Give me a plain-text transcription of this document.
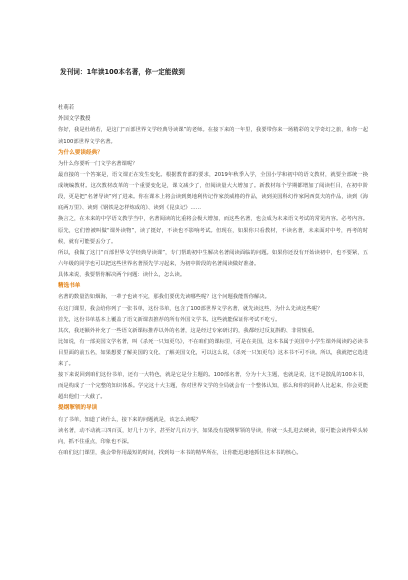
发刊词：1年读100本名著，你一定能做到

杜萌若

外国文学教授

你好，我是杜萌若，是这门“百部世界文学经典导读课”的老师。在接下来的一年里，我要带你来一场精彩的文学奇幻之旅，和你一起读100部世界文学名著。

为什么要读经典？

为什么你要听一门文学名著课呢？

最直接的一个答案是，语文课正在发生变化。根据教育部的要求，2019年秋季入学，全国小学和初中的语文教材，就要全部统一换成统编教材。这次教材改革的一个重要变化是，课文减少了，但阅读量大大增加了。新教材每个学期都增加了阅读栏目，在初中阶段，更是把“名著导读”列了进来。你在课本上将会读到奥地利传记作家茨威格的作品，读到美国科幻作家阿西莫夫的作品，读到《海底两万里》、读到《钢铁是怎样炼成的》、读到《昆虫记》……

换言之，在未来的中学语文教学当中，名著阅读的比重将会极大增加，而这些名著，也会成为未来语文考试的常见内容。必考内容。原先，它们曾被叫做“课外读物”，读了挺好，不读也不影响考试。但现在，如果你只看教材，不读名著，未来面对中考，再考的时候，就有可能要丢分了。

所以，我做了这门“百部世界文学经典导读课”，专门帮助初中生解决名著阅读面临的问题。如果你还没有开始读初中，也不要紧，五六年级的同学也可以把这些世界名著预先学习起来，为初中阶段的名著阅读做好准备。

具体来说，我要帮你解决两个问题：读什么，怎么读。

精选书单

名著的数量浩如烟海，一辈子也读不完，那我们要优先读哪些呢？这个问题我能帮你解决。

在这门课里，我会给你列了一张书单，这份书单，包含了100部世界文学名著，就先读这些，为什么先读这些呢？

首先，这份书单基本上覆盖了语文新课表推荐的所有外国文学书。这些就能保证你考试不吃亏。

其次，我还额外补充了一些语文新课标推荐以外的名著，这是经过专家研讨的，我都经过反复斟酌、非常慎重。

比如说，有一部美国文学名著，叫《杀死一只知更鸟》，不在咱们的课标里，可是在美国，这本书属于美国中小学生课外阅读的必读书目里面的前五名，如果想要了解美国的文化、了解美国文化，可以这么说，《杀死一只知更鸟》这本书不可不读。所以，我就把它选进来了。

接下来说回到咱们这份书单，还有一大特色，就是它是分主题的。100部名著，分为十大主题，也就是说，这不是散乱的100本书，而是构成了一个完整的知识体系。学完这十大主题，你对世界文学的全局就会有一个整体认知，那么和你的同龄人比起来，你会更能超出他们一大截了。

提纲挈领的导读

有了书单，知道了读什么，接下来的问题就是，该怎么读呢？

读名著，动不动就三四百页，好几十万字，甚至好几百万字，如果没有提纲挈领的导读，你就一头扎进去硬读，很可能会读得晕头转向，抓不住重点，印象也不深。

在咱们这门课里，我会带你用最短的时间，找到每一本书的精华所在，让你能迅速地抓住这本书的核心。
